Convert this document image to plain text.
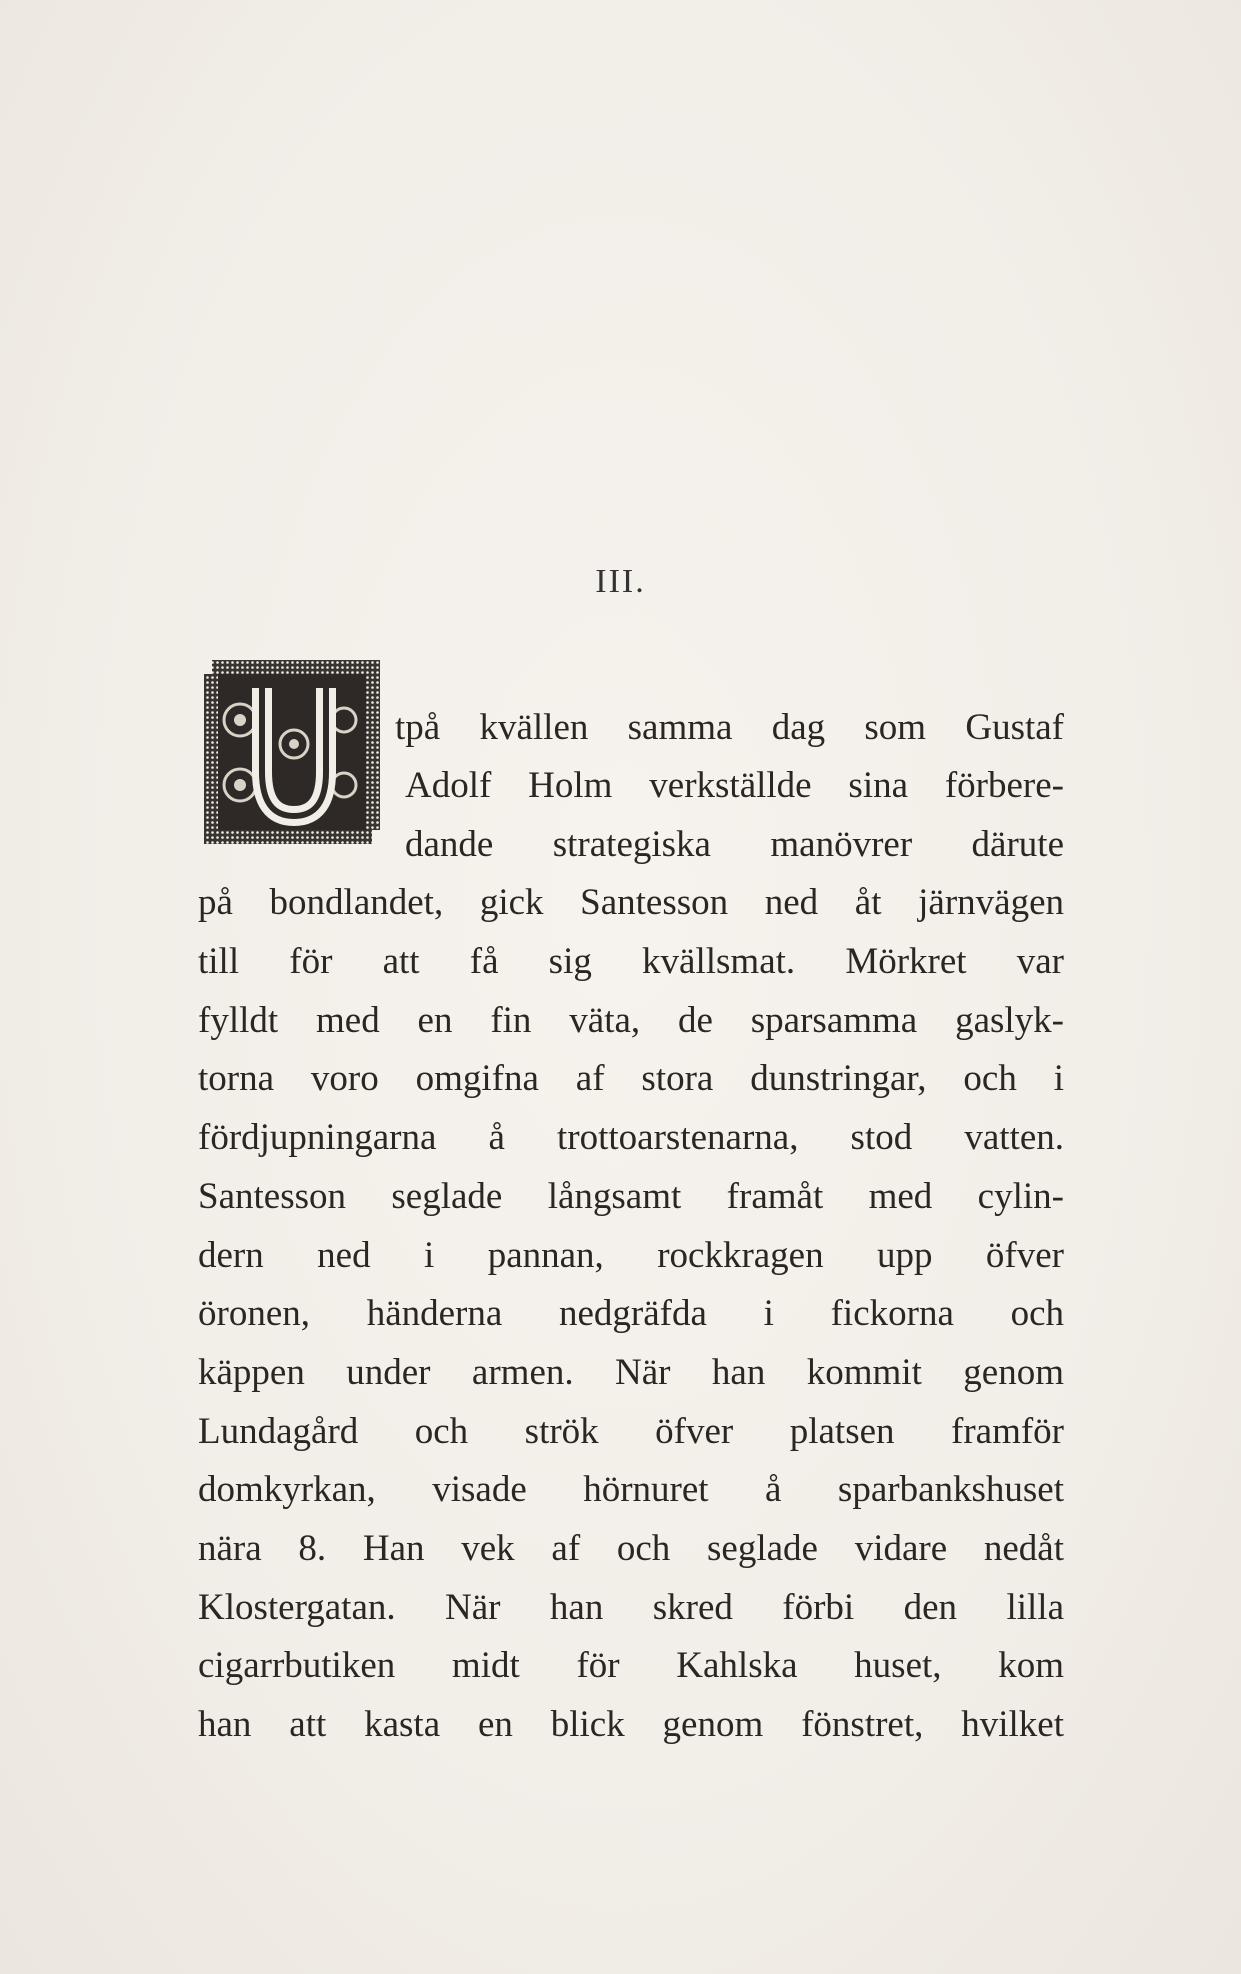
III.
tpå kvällen samma dag som Gustaf
Adolf Holm verkställde sina förbere-
dande strategiska manövrer därute
på bondlandet, gick Santesson ned åt järnvägen
till för att få sig kvällsmat. Mörkret var
fylldt med en fin väta, de sparsamma gaslyk-
torna voro omgifna af stora dunstringar, och i
fördjupningarna å trottoarstenarna, stod vatten.
Santesson seglade långsamt framåt med cylin-
dern ned i pannan, rockkragen upp öfver
öronen, händerna nedgräfda i fickorna och
käppen under armen. När han kommit genom
Lundagård och strök öfver platsen framför
domkyrkan, visade hörnuret å sparbankshuset
nära 8. Han vek af och seglade vidare nedåt
Klostergatan. När han skred förbi den lilla
cigarrbutiken midt för Kahlska huset, kom
han att kasta en blick genom fönstret, hvilket
